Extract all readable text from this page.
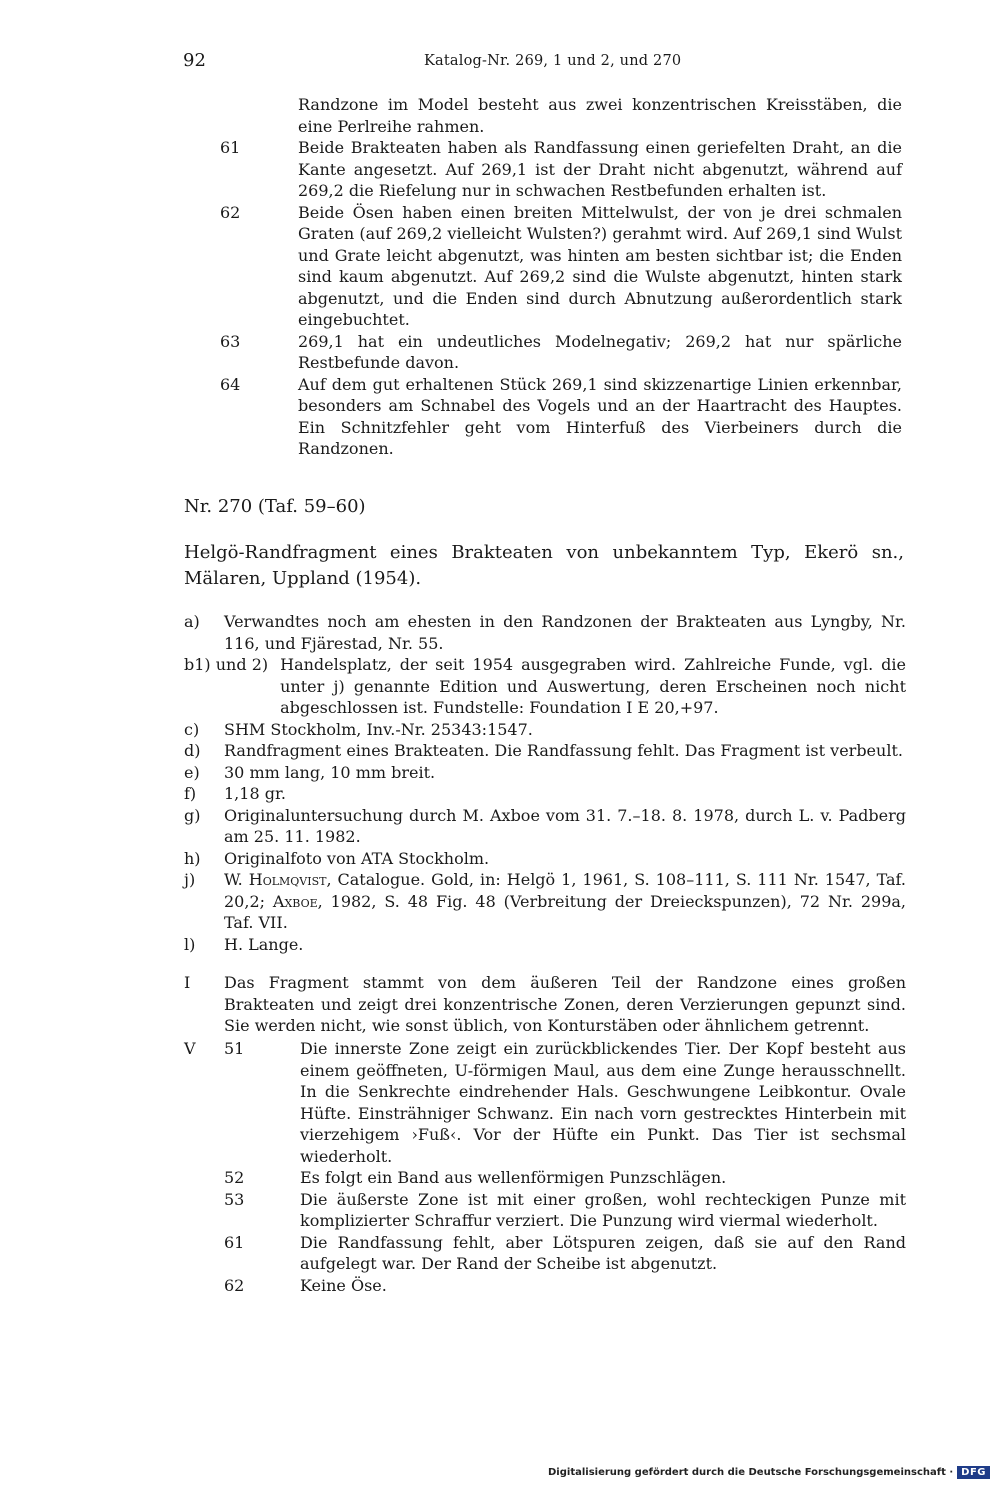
92	Katalog-Nr. 269, 1 und 2, und 270
Randzone im Model besteht aus zwei konzentrischen Kreisstäben, die eine Perlreihe rahmen.
61	Beide Brakteaten haben als Randfassung einen geriefelten Draht, an die Kante angesetzt. Auf 269,1 ist der Draht nicht abgenutzt, während auf 269,2 die Riefelung nur in schwachen Restbefunden erhalten ist.
62	Beide Ösen haben einen breiten Mittelwulst, der von je drei schmalen Graten (auf 269,2 vielleicht Wulsten?) gerahmt wird. Auf 269,1 sind Wulst und Grate leicht abgenutzt, was hinten am besten sichtbar ist; die Enden sind kaum abgenutzt. Auf 269,2 sind die Wulste abgenutzt, hinten stark abgenutzt, und die Enden sind durch Abnutzung außerordentlich stark eingebuchtet.
63	269,1 hat ein undeutliches Modelnegativ; 269,2 hat nur spärliche Restbefunde davon.
64	Auf dem gut erhaltenen Stück 269,1 sind skizzenartige Linien erkennbar, besonders am Schnabel des Vogels und an der Haartracht des Hauptes. Ein Schnitzfehler geht vom Hinterfuß des Vierbeiners durch die Randzonen.
Nr. 270 (Taf. 59–60)
Helgö-Randfragment eines Brakteaten von unbekanntem Typ, Ekerö sn., Mälaren, Uppland (1954).
a)	Verwandtes noch am ehesten in den Randzonen der Brakteaten aus Lyngby, Nr. 116, und Fjärestad, Nr. 55.
b1) und 2) Handelsplatz, der seit 1954 ausgegraben wird. Zahlreiche Funde, vgl. die unter j) genannte Edition und Auswertung, deren Erscheinen noch nicht abgeschlossen ist. Fundstelle: Foundation I E 20,+97.
c)	SHM Stockholm, Inv.-Nr. 25343:1547.
d)	Randfragment eines Brakteaten. Die Randfassung fehlt. Das Fragment ist verbeult.
e)	30 mm lang, 10 mm breit.
f)	1,18 gr.
g)	Originaluntersuchung durch M. Axboe vom 31. 7.–18. 8. 1978, durch L. v. Padberg am 25. 11. 1982.
h)	Originalfoto von ATA Stockholm.
j)	W. Holmqvist, Catalogue. Gold, in: Helgö 1, 1961, S. 108–111, S. 111 Nr. 1547, Taf. 20,2; Axboe, 1982, S. 48 Fig. 48 (Verbreitung der Dreieckspunzen), 72 Nr. 299a, Taf. VII.
l)	H. Lange.
I	Das Fragment stammt von dem äußeren Teil der Randzone eines großen Brakteaten und zeigt drei konzentrische Zonen, deren Verzierungen gepunzt sind. Sie werden nicht, wie sonst üblich, von Konturstäben oder ähnlichem getrennt.
V	51	Die innerste Zone zeigt ein zurückblickendes Tier. Der Kopf besteht aus einem geöffneten, U-förmigen Maul, aus dem eine Zunge herausschnellt. In die Senkrechte eindrehender Hals. Geschwungene Leibkontur. Ovale Hüfte. Einsträhniger Schwanz. Ein nach vorn gestrecktes Hinterbein mit vierzehigem ›Fuß‹. Vor der Hüfte ein Punkt. Das Tier ist sechsmal wiederholt.
52	Es folgt ein Band aus wellenförmigen Punzschlägen.
53	Die äußerste Zone ist mit einer großen, wohl rechteckigen Punze mit komplizierter Schraffur verziert. Die Punzung wird viermal wiederholt.
61	Die Randfassung fehlt, aber Lötspuren zeigen, daß sie auf den Rand aufgelegt war. Der Rand der Scheibe ist abgenutzt.
62	Keine Öse.
Digitalisierung gefördert durch die Deutsche Forschungsgemeinschaft · DFG
